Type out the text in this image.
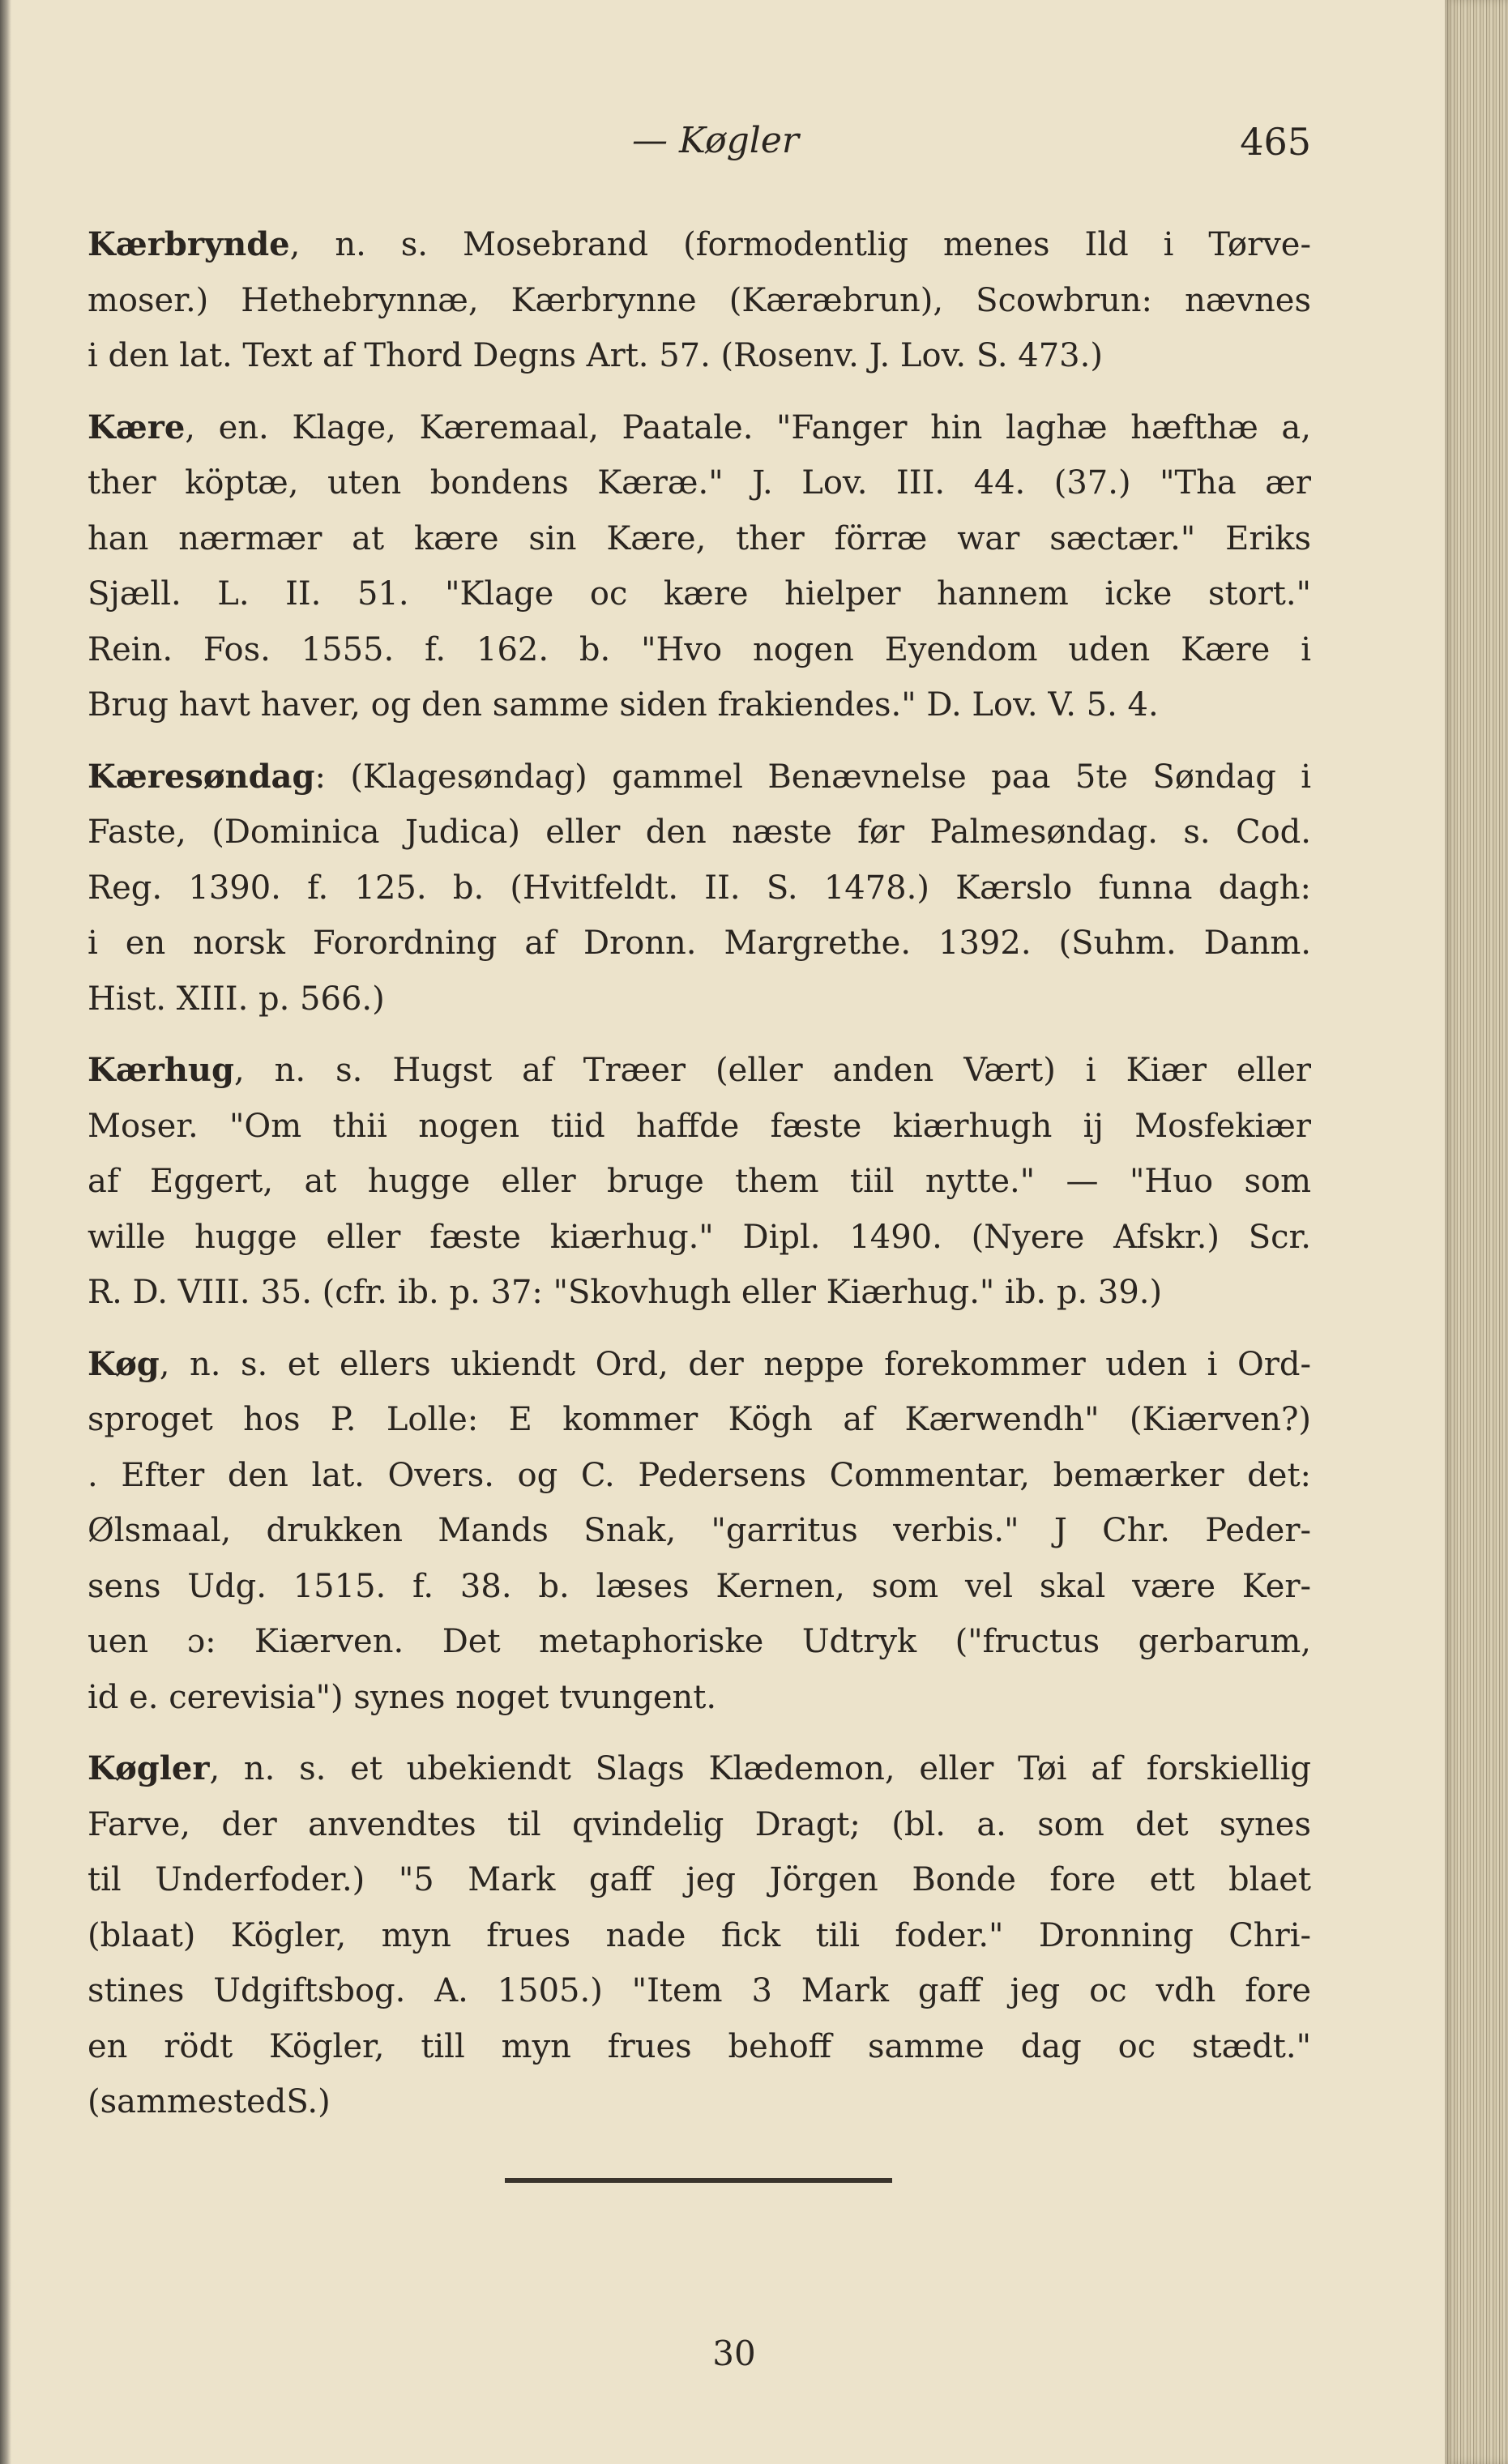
— Køgler	465
Kærbrynde, n. s. Mosebrand (formodentlig menes Ild i Tørve-
moser.) Hethebrynnæ, Kærbrynne (Kæræbrun), Scowbrun: nævnes
i den lat. Text af Thord Degns Art. 57. (Rosenv. J. Lov. S. 473.)
Kære, en. Klage, Kæremaal, Paatale. "Fanger hin laghæ hæfthæ a,
ther köptæ, uten bondens Kæræ." J. Lov. III. 44. (37.) "Tha ær
han nærmær at kære sin Kære, ther förræ war sæctær." Eriks
Sjæll. L. II. 51. "Klage oc kære hielper hannem icke stort."
Rein. Fos. 1555. f. 162. b. "Hvo nogen Eyendom uden Kære i
Brug havt haver, og den samme siden frakiendes." D. Lov. V. 5. 4.
Kæresøndag: (Klagesøndag) gammel Benævnelse paa 5te Søndag i
Faste, (Dominica Judica) eller den næste før Palmesøndag. s. Cod.
Reg. 1390. f. 125. b. (Hvitfeldt. II. S. 1478.) Kærslo funna dagh:
i en norsk Forordning af Dronn. Margrethe. 1392. (Suhm. Danm.
Hist. XIII. p. 566.)
Kærhug, n. s. Hugst af Træer (eller anden Vært) i Kiær eller
Moser. "Om thii nogen tiid haffde fæste kiærhugh ij Mosfekiær
af Eggert, at hugge eller bruge them tiil nytte." — "Huo som
wille hugge eller fæste kiærhug." Dipl. 1490. (Nyere Afskr.) Scr.
R. D. VIII. 35. (cfr. ib. p. 37: "Skovhugh eller Kiærhug." ib. p. 39.)
Køg, n. s. et ellers ukiendt Ord, der neppe forekommer uden i Ord-
sproget hos P. Lolle: E kommer Kögh af Kærwendh" (Kiærven?)
. Efter den lat. Overs. og C. Pedersens Commentar, bemærker det:
Ølsmaal, drukken Mands Snak, "garritus verbis." J Chr. Peder-
sens Udg. 1515. f. 38. b. læses Kernen, som vel skal være Ker-
uen ɔ: Kiærven. Det metaphoriske Udtryk ("fructus gerbarum,
id e. cerevisia") synes noget tvungent.
Køgler, n. s. et ubekiendt Slags Klædemon, eller Tøi af forskiellig
Farve, der anvendtes til qvindelig Dragt; (bl. a. som det synes
til Underfoder.) "5 Mark gaff jeg Jörgen Bonde fore ett blaet
(blaat) Kögler, myn frues nade fick tili foder." Dronning Chri-
stines Udgiftsbog. A. 1505.) "Item 3 Mark gaff jeg oc vdh fore
en rödt Kögler, till myn frues behoff samme dag oc stædt."
(sammestedS.)
30
